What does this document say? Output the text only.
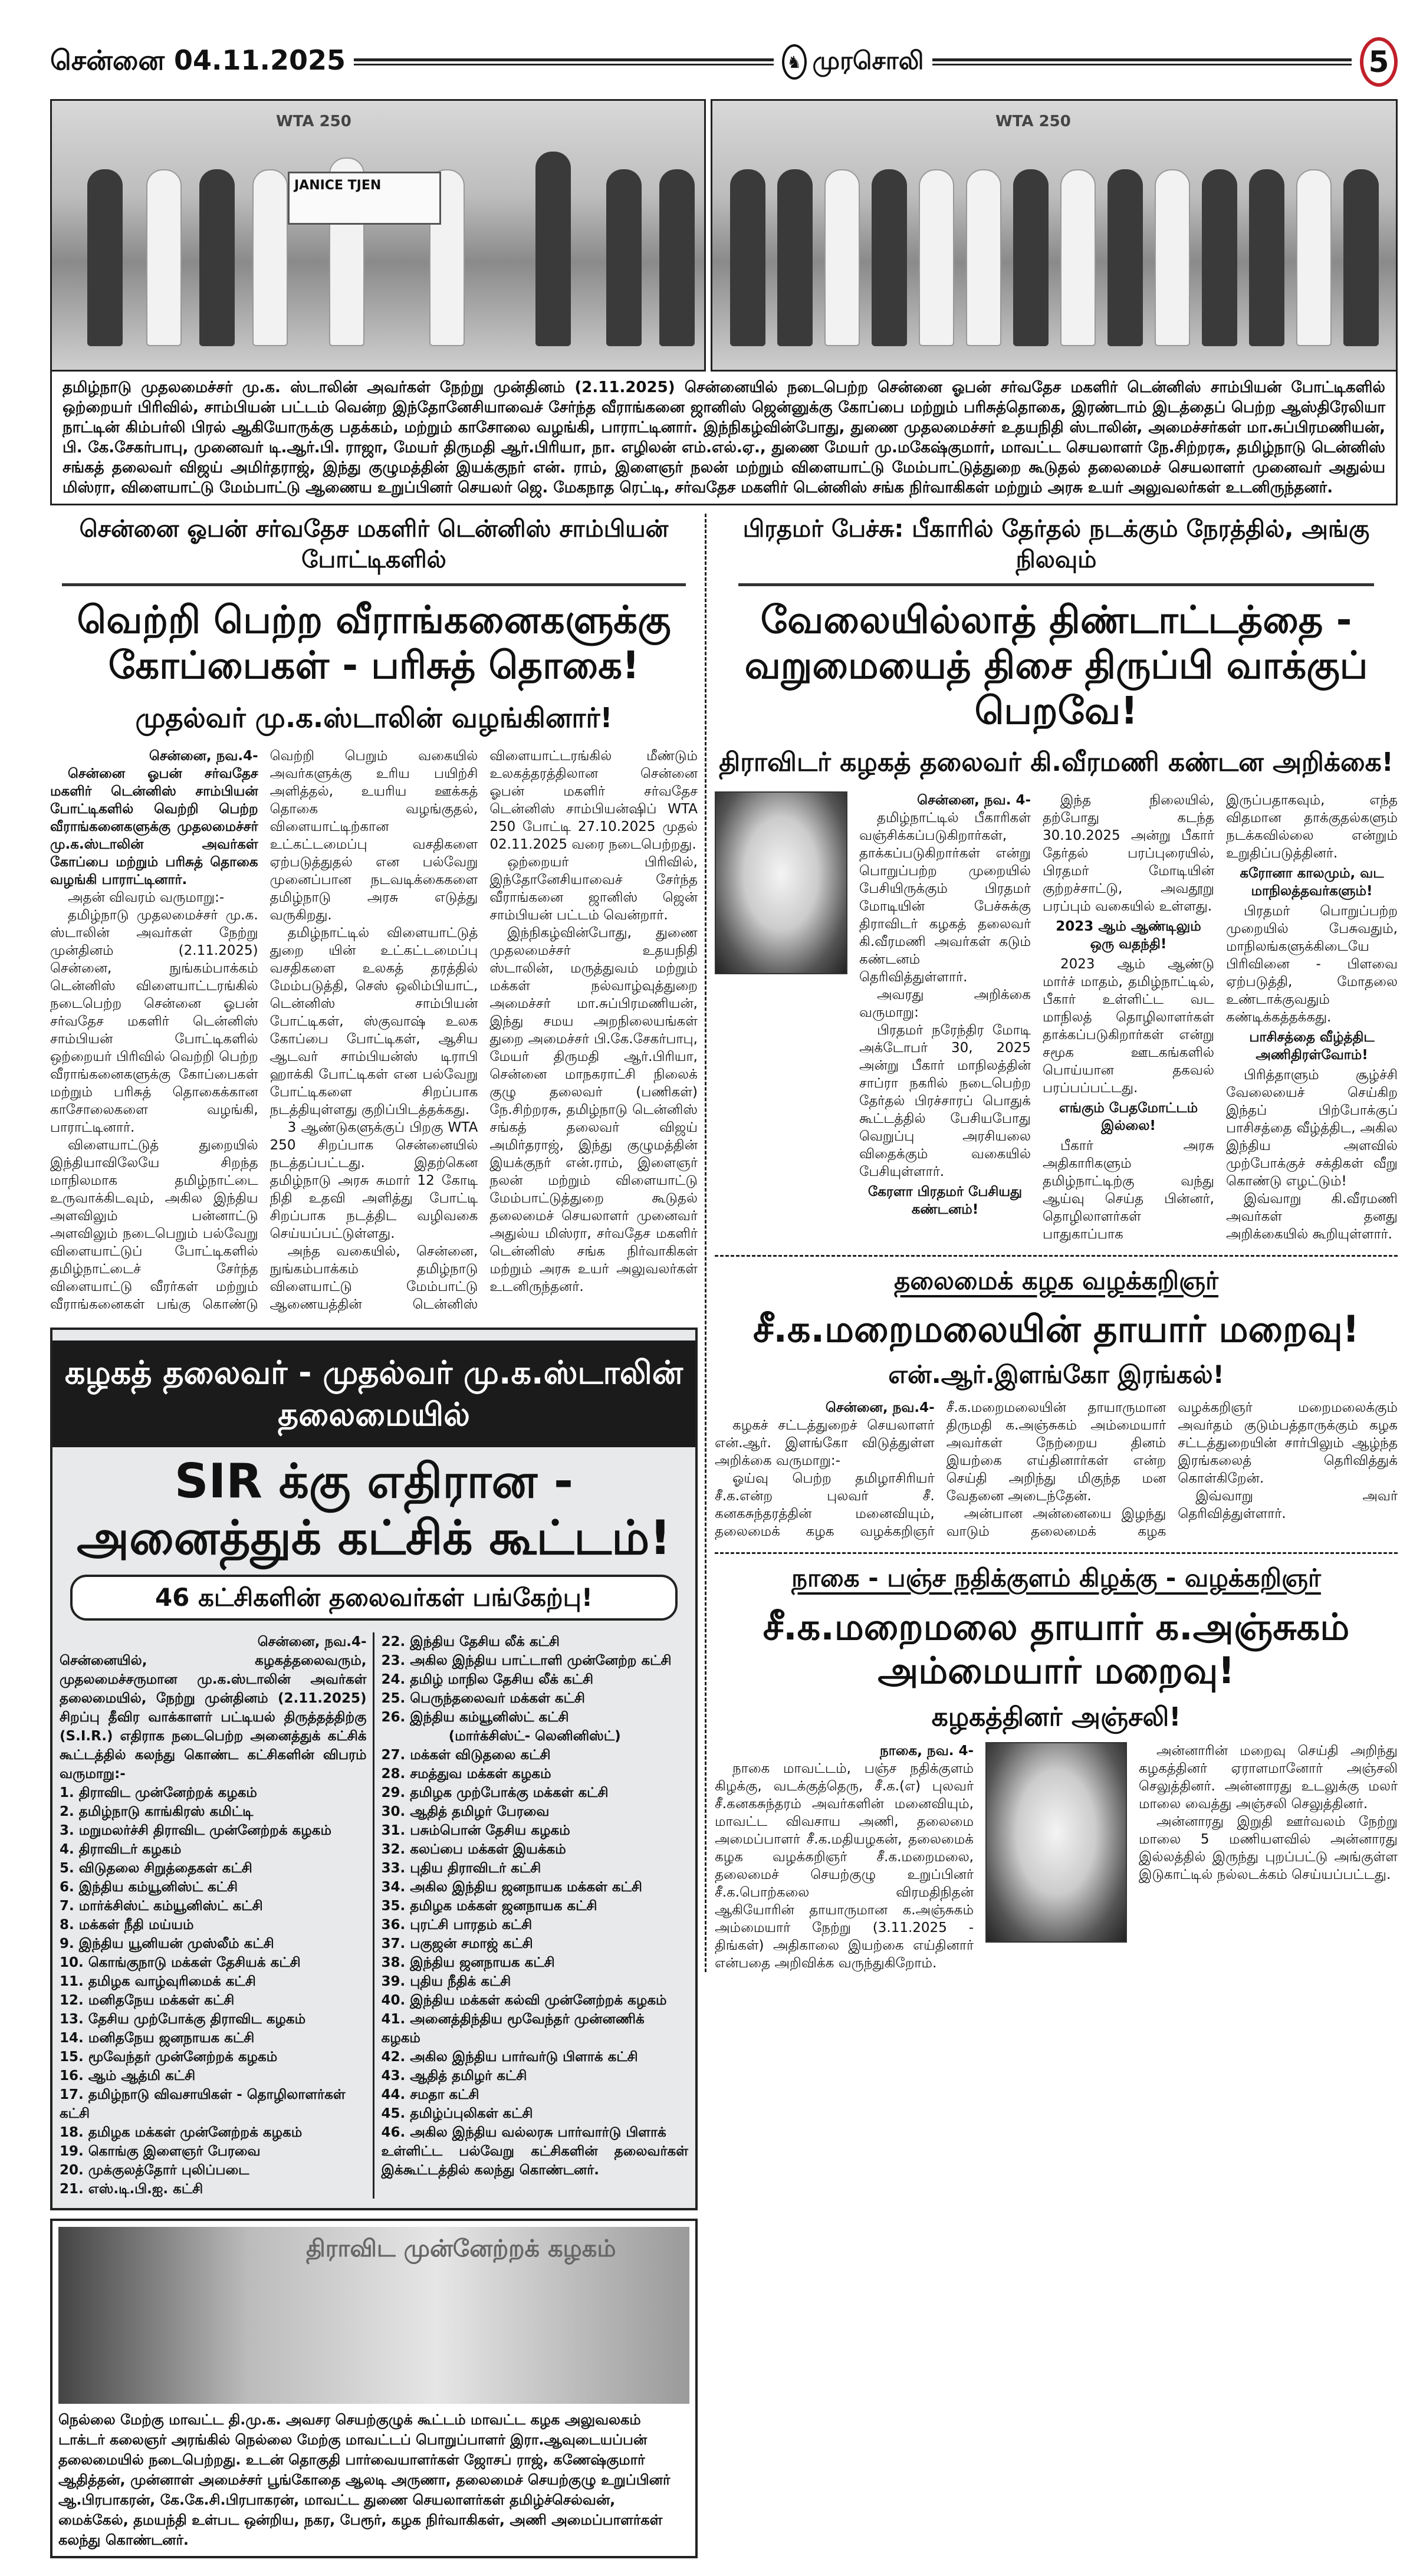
சென்னை 04.11.2025	♞ முரசொலி	5
WTA 250
JANICE TJEN
WTA 250
தமிழ்நாடு முதலமைச்சர் மு.க. ஸ்டாலின் அவர்கள் நேற்று முன்தினம் (2.11.2025) சென்னையில் நடைபெற்ற சென்னை ஓபன் சர்வதேச மகளிர் டென்னிஸ் சாம்பியன் போட்டிகளில் ஒற்றையர் பிரிவில், சாம்பியன் பட்டம் வென்ற இந்தோனேசியாவைச் சேர்ந்த வீராங்கனை ஜானிஸ் ஜென்னுக்கு கோப்பை மற்றும் பரிசுத்தொகை, இரண்டாம் இடத்தைப் பெற்ற ஆஸ்திரேலியா நாட்டின் கிம்பர்லி பிரல் ஆகியோருக்கு பதக்கம், மற்றும் காசோலை வழங்கி, பாராட்டினார். இந்நிகழ்வின்போது, துணை முதலமைச்சர் உதயநிதி ஸ்டாலின், அமைச்சர்கள் மா.சுப்பிரமணியன், பி. கே.சேகர்பாபு, முனைவர் டி.ஆர்.பி. ராஜா, மேயர் திருமதி ஆர்.பிரியா, நா. எழிலன் எம்.எல்.ஏ., துணை மேயர் மு.மகேஷ்குமார், மாவட்ட செயலாளர் நே.சிற்றரசு, தமிழ்நாடு டென்னிஸ் சங்கத் தலைவர் விஜய் அமிர்தராஜ், இந்து குழுமத்தின் இயக்குநர் என். ராம், இளைஞர் நலன் மற்றும் விளையாட்டு மேம்பாட்டுத்துறை கூடுதல் தலைமைச் செயலாளர் முனைவர் அதுல்ய மிஸ்ரா, விளையாட்டு மேம்பாட்டு ஆணைய உறுப்பினர் செயலர் ஜெ. மேகநாத ரெட்டி, சர்வதேச மகளிர் டென்னிஸ் சங்க நிர்வாகிகள் மற்றும் அரசு உயர் அலுவலர்கள் உடனிருந்தனர்.
சென்னை ஓபன் சர்வதேச மகளிர் டென்னிஸ் சாம்பியன் போட்டிகளில்
வெற்றி பெற்ற வீராங்கனைகளுக்கு கோப்பைகள் - பரிசுத் தொகை!
முதல்வர் மு.க.ஸ்டாலின் வழங்கினார்!

சென்னை, நவ.4-

சென்னை ஓபன் சர்வதேச மகளிர் டென்னிஸ் சாம்பியன் போட்டிகளில் வெற்றி பெற்ற வீராங்கனைகளுக்கு முதலமைச்சர் மு.க.ஸ்டாலின் அவர்கள் கோப்பை மற்றும் பரிசுத் தொகை வழங்கி பாராட்டினார்.

அதன் விவரம் வருமாறு:-

தமிழ்நாடு முதலமைச்சர் மு.க. ஸ்டாலின் அவர்கள் நேற்று முன்தினம் (2.11.2025) சென்னை, நுங்கம்பாக்கம் டென்னிஸ் விளையாட்டரங்கில் நடைபெற்ற சென்னை ஓபன் சர்வதேச மகளிர் டென்னிஸ் சாம்பியன் போட்டிகளில் ஒற்றையர் பிரிவில் வெற்றி பெற்ற வீராங்கனைகளுக்கு கோப்பைகள் மற்றும் பரிசுத் தொகைக்கான காசோலைகளை வழங்கி, பாராட்டினார்.

விளையாட்டுத் துறையில் இந்தியாவிலேயே சிறந்த மாநிலமாக தமிழ்நாட்டை உருவாக்கிடவும், அகில இந்திய அளவிலும் பன்னாட்டு அளவிலும் நடைபெறும் பல்வேறு விளையாட்டுப் போட்டிகளில் தமிழ்நாட்டைச் சேர்ந்த விளையாட்டு வீரர்கள் மற்றும் வீராங்கனைகள் பங்கு கொண்டு வெற்றி பெறும் வகையில் அவர்களுக்கு உரிய பயிற்சி அளித்தல், உயரிய ஊக்கத் தொகை வழங்குதல், விளையாட்டிற்கான உட்கட்டமைப்பு வசதிகளை ஏற்படுத்துதல் என பல்வேறு முனைப்பான நடவடிக்கைகளை தமிழ்நாடு அரசு எடுத்து வருகிறது.

தமிழ்நாட்டில் விளையாட்டுத் துறை யின் உட்கட்டமைப்பு வசதிகளை உலகத் தரத்தில் மேம்படுத்தி, செஸ் ஒலிம்பியாட், டென்னிஸ் சாம்பியன் போட்டிகள், ஸ்குவாஷ் உலக கோப்பை போட்டிகள், ஆசிய ஆடவர் சாம்பியன்ஸ் டிராபி ஹாக்கி போட்டிகள் என பல்வேறு போட்டிகளை சிறப்பாக நடத்தியுள்ளது குறிப்பிடத்தக்கது.

3 ஆண்டுகளுக்குப் பிறகு WTA 250 சிறப்பாக சென்னையில் நடத்தப்பட்டது. இதற்கென தமிழ்நாடு அரசு சுமார் 12 கோடி நிதி உதவி அளித்து போட்டி சிறப்பாக நடத்திட வழிவகை செய்யப்பட்டுள்ளது.

அந்த வகையில், சென்னை, நுங்கம்பாக்கம் தமிழ்நாடு விளையாட்டு மேம்பாட்டு ஆணையத்தின் டென்னிஸ் விளையாட்டரங்கில் மீண்டும் உலகத்தரத்திலான சென்னை ஓபன் மகளிர் சர்வதேச டென்னிஸ் சாம்பியன்ஷிப் WTA 250 போட்டி 27.10.2025 முதல் 02.11.2025 வரை நடைபெற்றது.

ஒற்றையர் பிரிவில், இந்தோனேசியாவைச் சேர்ந்த வீராங்கனை ஜானிஸ் ஜென் சாம்பியன் பட்டம் வென்றார்.

இந்நிகழ்வின்போது, துணை முதலமைச்சர் உதயநிதி ஸ்டாலின், மருத்துவம் மற்றும் மக்கள் நல்வாழ்வுத்துறை அமைச்சர் மா.சுப்பிரமணியன், இந்து சமய அறநிலையங்கள் துறை அமைச்சர் பி.கே.சேகர்பாபு, மேயர் திருமதி ஆர்.பிரியா, சென்னை மாநகராட்சி நிலைக் குழு தலைவர் (பணிகள்) நே.சிற்றரசு, தமிழ்நாடு டென்னிஸ் சங்கத் தலைவர் விஜய் அமிர்தராஜ், இந்து குழுமத்தின் இயக்குநர் என்.ராம், இளைஞர் நலன் மற்றும் விளையாட்டு மேம்பாட்டுத்துறை கூடுதல் தலைமைச் செயலாளர் முனைவர் அதுல்ய மிஸ்ரா, சர்வதேச மகளிர் டென்னிஸ் சங்க நிர்வாகிகள் மற்றும் அரசு உயர் அலுவலர்கள் உடனிருந்தனர்.

கழகத் தலைவர் - முதல்வர் மு.க.ஸ்டாலின் தலைமையில்
SIR க்கு எதிரான - அனைத்துக் கட்சிக் கூட்டம்!
46 கட்சிகளின் தலைவர்கள் பங்கேற்பு!
சென்னை, நவ.4-
சென்னையில், கழகத்தலைவரும், முதலமைச்சருமான மு.க.ஸ்டாலின் அவர்கள் தலைமையில், நேற்று முன்தினம் (2.11.2025) சிறப்பு தீவிர வாக்காளர் பட்டியல் திருத்தத்திற்கு (S.I.R.) எதிராக நடைபெற்ற அனைத்துக் கட்சிக் கூட்டத்தில் கலந்து கொண்ட கட்சிகளின் விபரம் வருமாறு:-
1. திராவிட முன்னேற்றக் கழகம்
2. தமிழ்நாடு காங்கிரஸ் கமிட்டி
3. மறுமலர்ச்சி திராவிட முன்னேற்றக் கழகம்
4. திராவிடர் கழகம்
5. விடுதலை சிறுத்தைகள் கட்சி
6. இந்திய கம்யூனிஸ்ட் கட்சி
7. மார்க்சிஸ்ட் கம்யூனிஸ்ட் கட்சி
8. மக்கள் நீதி மய்யம்
9. இந்திய யூனியன் முஸ்லீம் கட்சி
10. கொங்குநாடு மக்கள் தேசியக் கட்சி
11. தமிழக வாழ்வுரிமைக் கட்சி
12. மனிதநேய மக்கள் கட்சி
13. தேசிய முற்போக்கு திராவிட கழகம்
14. மனிதநேய ஜனநாயக கட்சி
15. மூவேந்தர் முன்னேற்றக் கழகம்
16. ஆம் ஆத்மி கட்சி
17. தமிழ்நாடு விவசாயிகள் - தொழிலாளர்கள் கட்சி
18. தமிழக மக்கள் முன்னேற்றக் கழகம்
19. கொங்கு இளைஞர் பேரவை
20. முக்குலத்தோர் புலிப்படை
21. எஸ்.டி.பி.ஐ. கட்சி
22. இந்திய தேசிய லீக் கட்சி
23. அகில இந்திய பாட்டாளி முன்னேற்ற கட்சி
24. தமிழ் மாநில தேசிய லீக் கட்சி
25. பெருந்தலைவர் மக்கள் கட்சி
26. இந்திய கம்யூனிஸ்ட் கட்சி
(மார்க்சிஸ்ட்- லெனினிஸ்ட்)
27. மக்கள் விடுதலை கட்சி
28. சமத்துவ மக்கள் கழகம்
29. தமிழக முற்போக்கு மக்கள் கட்சி
30. ஆதித் தமிழர் பேரவை
31. பசும்பொன் தேசிய கழகம்
32. கலப்பை மக்கள் இயக்கம்
33. புதிய திராவிடர் கட்சி
34. அகில இந்திய ஜனநாயக மக்கள் கட்சி
35. தமிழக மக்கள் ஜனநாயக கட்சி
36. புரட்சி பாரதம் கட்சி
37. பகுஜன் சமாஜ் கட்சி
38. இந்திய ஜனநாயக கட்சி
39. புதிய நீதிக் கட்சி
40. இந்திய மக்கள் கல்வி முன்னேற்றக் கழகம்
41. அனைத்திந்திய மூவேந்தர் முன்னணிக் கழகம்
42. அகில இந்திய பார்வர்டு பிளாக் கட்சி
43. ஆதித் தமிழர் கட்சி
44. சமதா கட்சி
45. தமிழ்ப்புலிகள் கட்சி
46. அகில இந்திய வல்லரசு பார்வார்டு பிளாக்
உள்ளிட்ட பல்வேறு கட்சிகளின் தலைவர்கள் இக்கூட்டத்தில் கலந்து கொண்டனர்.
திராவிட முன்னேற்றக் கழகம்
நெல்லை மேற்கு மாவட்ட தி.மு.க. அவசர செயற்குழுக் கூட்டம் மாவட்ட கழக அலுவலகம் டாக்டர் கலைஞர் அரங்கில் நெல்லை மேற்கு மாவட்டப் பொறுப்பாளர் இரா.ஆவுடையப்பன் தலைமையில் நடைபெற்றது. உடன் தொகுதி பார்வையாளர்கள் ஜோசப் ராஜ், கணேஷ்குமார் ஆதித்தன், முன்னாள் அமைச்சர் பூங்கோதை ஆலடி அருணா, தலைமைச் செயற்குழு உறுப்பினர் ஆ.பிரபாகரன், கே.கே.சி.பிரபாகரன், மாவட்ட துணை செயலாளர்கள் தமிழ்ச்செல்வன், மைக்கேல், தமயந்தி உள்பட ஒன்றிய, நகர, பேரூர், கழக நிர்வாகிகள், அணி அமைப்பாளர்கள் கலந்து கொண்டனர்.
பிரதமர் பேச்சு: பீகாரில் தேர்தல் நடக்கும் நேரத்தில், அங்கு நிலவும்
வேலையில்லாத் திண்டாட்டத்தை - வறுமையைத் திசை திருப்பி வாக்குப் பெறவே!
திராவிடர் கழகத் தலைவர் கி.வீரமணி கண்டன அறிக்கை!

சென்னை, நவ. 4-

தமிழ்நாட்டில் பீகாரிகள் வஞ்சிக்கப்படுகிறார்கள், தாக்கப்படுகிறார்கள் என்று பொறுப்பற்ற முறையில் பேசியிருக்கும் பிரதமர் மோடியின் பேச்சுக்கு திராவிடர் கழகத் தலைவர் கி.வீரமணி அவர்கள் கடும் கண்டனம் தெரிவித்துள்ளார்.

அவரது அறிக்கை வருமாறு:

பிரதமர் நரேந்திர மோடி அக்டோபர் 30, 2025 அன்று பீகார் மாநிலத்தின் சாப்ரா நகரில் நடைபெற்ற தேர்தல் பிரச்சாரப் பொதுக் கூட்டத்தில் பேசியபோது வெறுப்பு அரசியலை விதைக்கும் வகையில் பேசியுள்ளார்.

கேரளா பிரதமர் பேசியது கண்டனம்!

இந்த நிலையில், தற்போது கடந்த 30.10.2025 அன்று பீகார் தேர்தல் பரப்புரையில், பிரதமர் மோடியின் குற்றச்சாட்டு, அவதூறு பரப்பும் வகையில் உள்ளது.

2023 ஆம் ஆண்டிலும் ஒரு வதந்தி!

2023 ஆம் ஆண்டு மார்ச் மாதம், தமிழ்நாட்டில், பீகார் உள்ளிட்ட வட மாநிலத் தொழிலாளர்கள் தாக்கப்படுகிறார்கள் என்று சமூக ஊடகங்களில் பொய்யான தகவல் பரப்பப்பட்டது.

எங்கும் பேதமோட்டம் இல்லை!

பீகார் அரசு அதிகாரிகளும் தமிழ்நாட்டிற்கு வந்து ஆய்வு செய்த பின்னர், தொழிலாளர்கள் பாதுகாப்பாக இருப்பதாகவும், எந்த விதமான தாக்குதல்களும் நடக்கவில்லை என்றும் உறுதிப்படுத்தினர்.

கரோனா காலமும், வட மாநிலத்தவர்களும்!

பிரதமர் பொறுப்பற்ற முறையில் பேசுவதும், மாநிலங்களுக்கிடையே பிரிவினை - பிளவை ஏற்படுத்தி, மோதலை உண்டாக்குவதும் கண்டிக்கத்தக்கது.

பாசிசத்தை வீழ்த்திட அணிதிரள்வோம்!

பிரித்தாளும் சூழ்ச்சி வேலையைச் செய்கிற இந்தப் பிற்போக்குப் பாசிசத்தை வீழ்த்திட, அகில இந்திய அளவில் முற்போக்குச் சக்திகள் வீறு கொண்டு எழட்டும்!

இவ்வாறு கி.வீரமணி அவர்கள் தனது அறிக்கையில் கூறியுள்ளார்.

தலைமைக் கழக வழக்கறிஞர்
சீ.க.மறைமலையின் தாயார் மறைவு!
என்.ஆர்.இளங்கோ இரங்கல்!

சென்னை, நவ.4-

கழகச் சட்டத்துறைச் செயலாளர் என்.ஆர். இளங்கோ விடுத்துள்ள அறிக்கை வருமாறு:-

ஓய்வு பெற்ற தமிழாசிரியர் சீ.க.என்ற புலவர் சீ. கனகசுந்தரத்தின் மனைவியும், தலைமைக் கழக வழக்கறிஞர் சீ.க.மறைமலையின் தாயாருமான திருமதி க.அஞ்சுகம் அம்மையார் அவர்கள் நேற்றைய தினம் இயற்கை எய்தினார்கள் என்ற செய்தி அறிந்து மிகுந்த மன வேதனை அடைந்தேன்.

அன்பான அன்னையை இழந்து வாடும் தலைமைக் கழக வழக்கறிஞர் மறைமலைக்கும் அவர்தம் குடும்பத்தாருக்கும் கழக சட்டத்துறையின் சார்பிலும் ஆழ்ந்த இரங்கலைத் தெரிவித்துக் கொள்கிறேன்.

இவ்வாறு அவர் தெரிவித்துள்ளார்.

நாகை - பஞ்ச நதிக்குளம் கிழக்கு - வழக்கறிஞர்
சீ.க.மறைமலை தாயார் க.அஞ்சுகம் அம்மையார் மறைவு!
கழகத்தினர் அஞ்சலி!

நாகை, நவ. 4-

நாகை மாவட்டம், பஞ்ச நதிக்குளம் கிழக்கு, வடக்குத்தெரு, சீ.க.(எ) புலவர் சீ.கனகசுந்தரம் அவர்களின் மனைவியும், மாவட்ட விவசாய அணி, தலைமை அமைப்பாளர் சீ.க.மதியழகன், தலைமைக் கழக வழக்கறிஞர் சீ.க.மறைமலை, தலைமைச் செயற்குழு உறுப்பினர் சீ.க.பொற்கலை விரமதிநிதன் ஆகியோரின் தாயாருமான க.அஞ்சுகம் அம்மையார் நேற்று (3.11.2025 - திங்கள்) அதிகாலை இயற்கை எய்தினார் என்பதை அறிவிக்க வருந்துகிறோம்.

அன்னாரின் மறைவு செய்தி அறிந்து கழகத்தினர் ஏராளமானோர் அஞ்சலி செலுத்தினர். அன்னாரது உடலுக்கு மலர் மாலை வைத்து அஞ்சலி செலுத்தினர்.

அன்னாரது இறுதி ஊர்வலம் நேற்று மாலை 5 மணியளவில் அன்னாரது இல்லத்தில் இருந்து புறப்பட்டு அங்குள்ள இடுகாட்டில் நல்லடக்கம் செய்யப்பட்டது.
